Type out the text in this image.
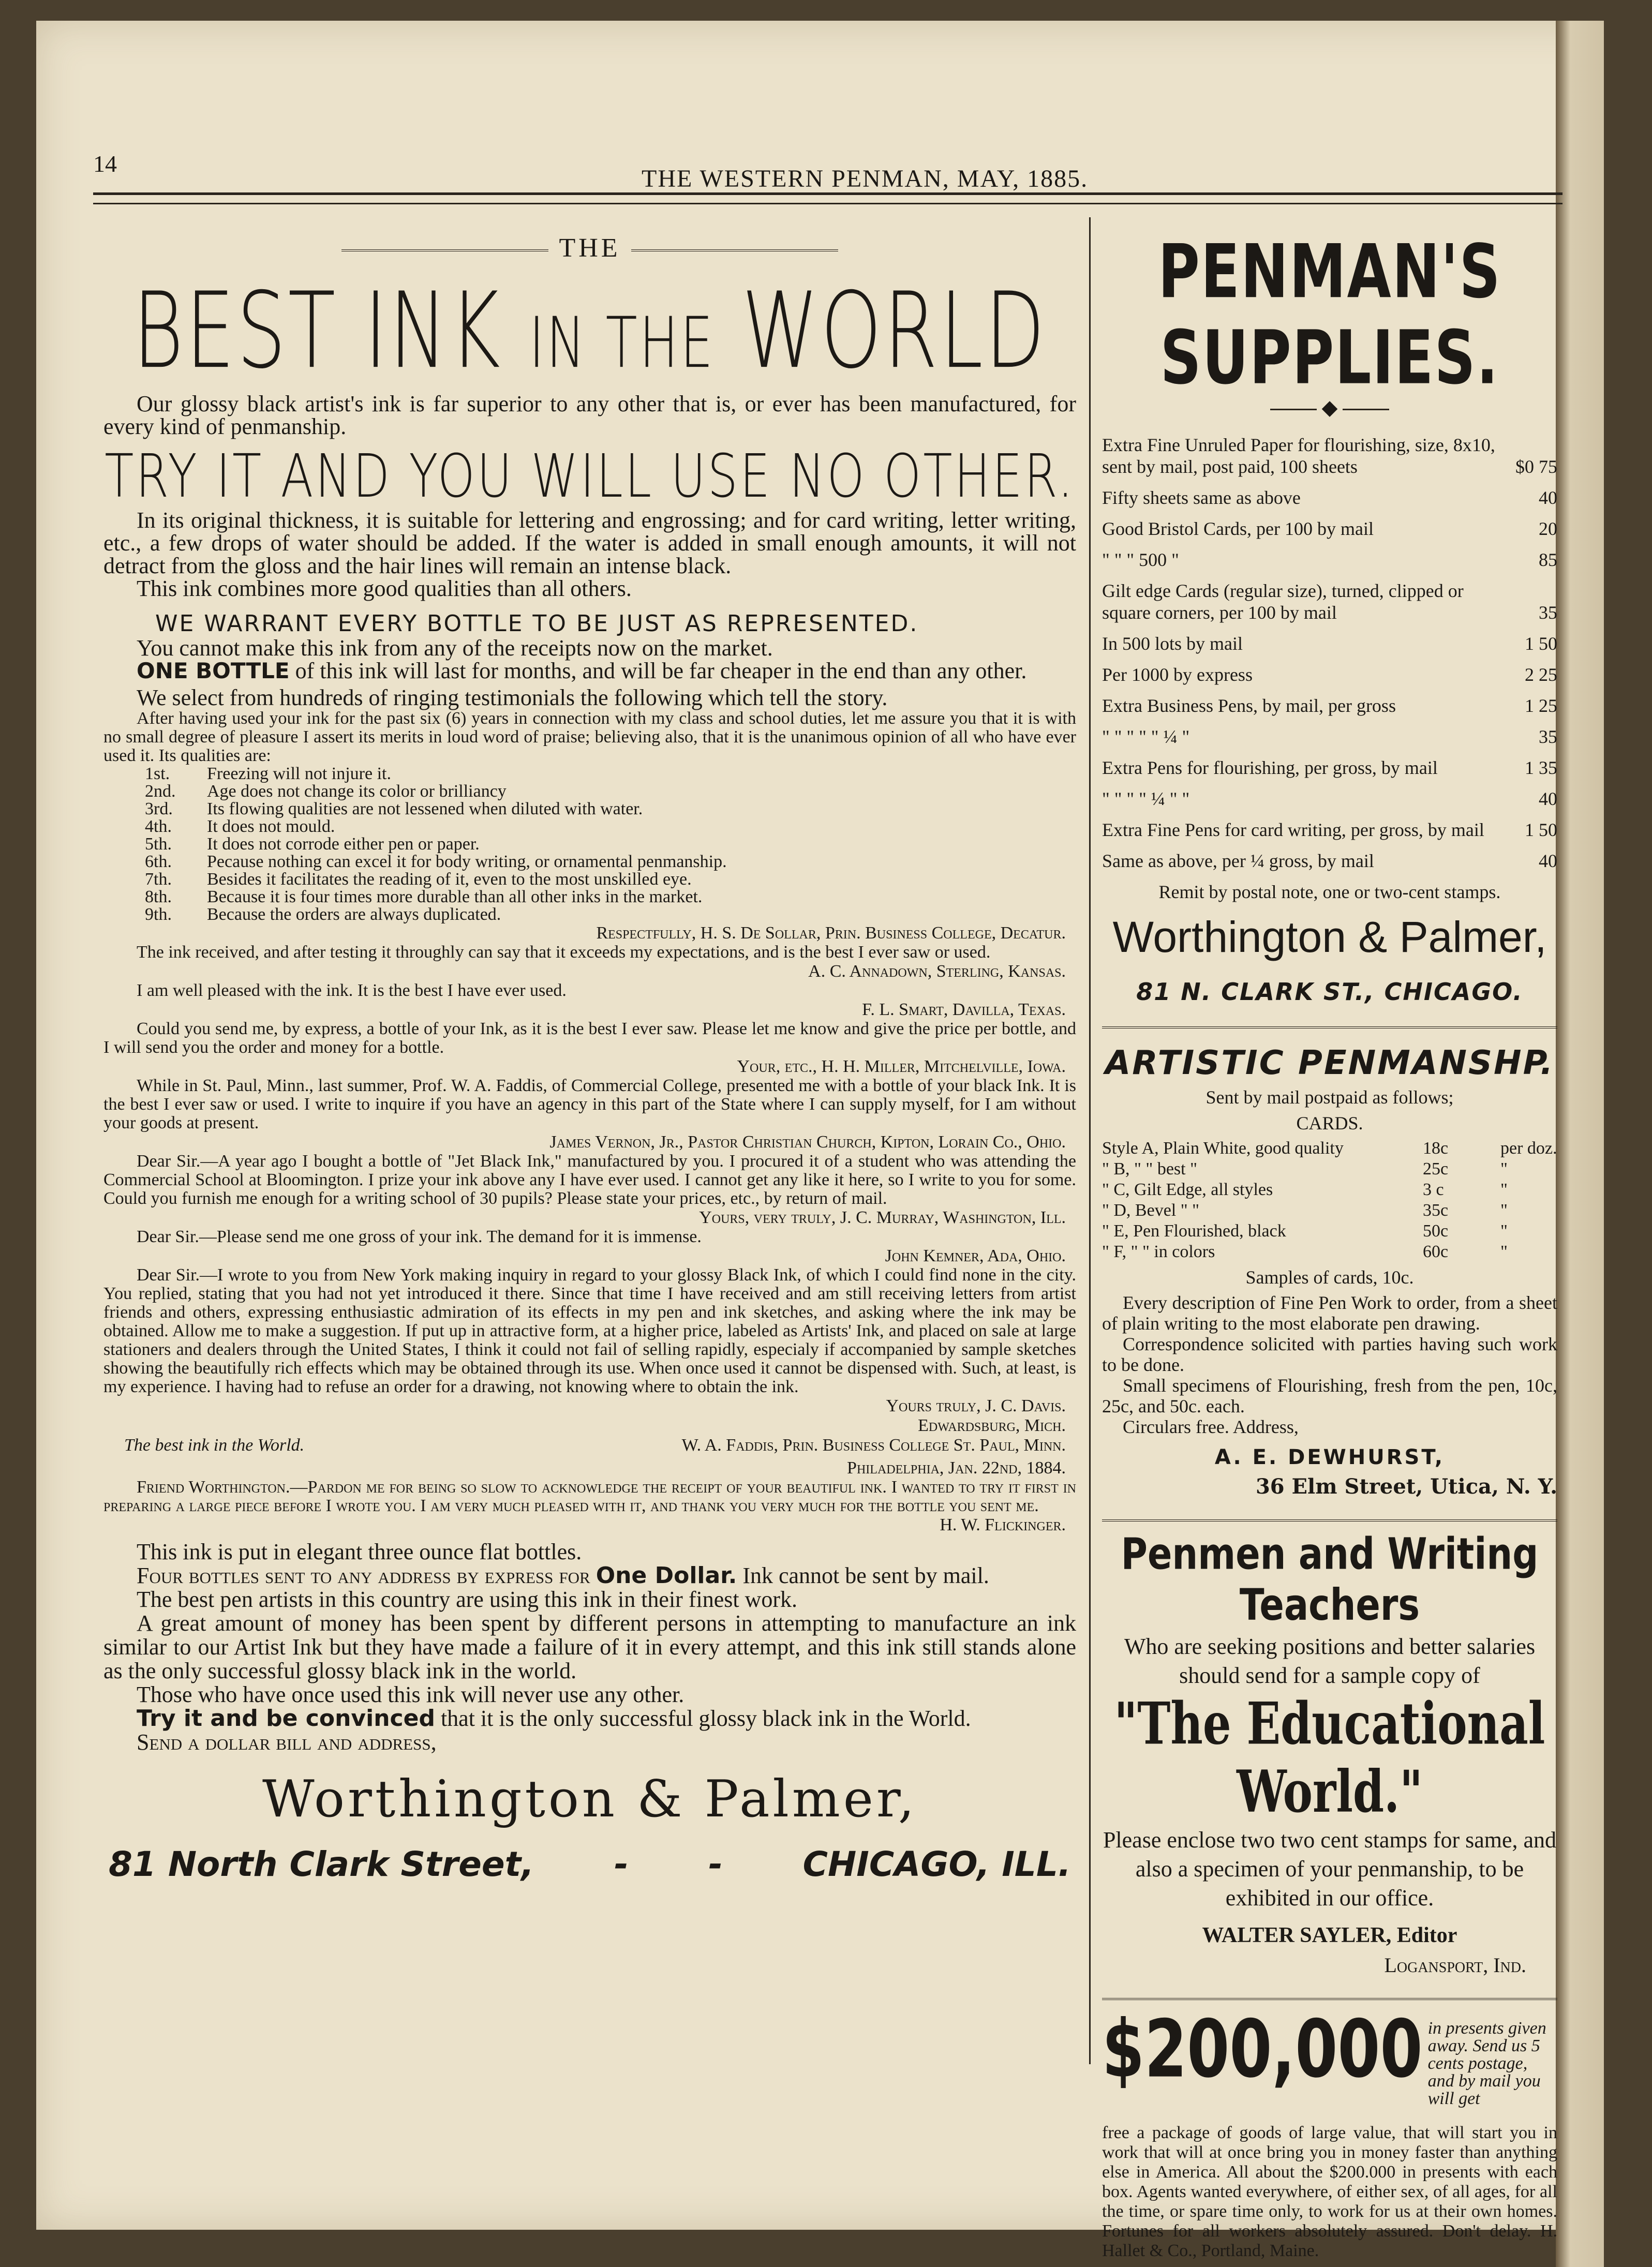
14
THE WESTERN PENMAN, MAY, 1885.
THE
BEST INK IN THE WORLD

Our glossy black artist's ink is far superior to any other that is, or ever has been manufactured, for every kind of penmanship.

TRY IT AND YOU WILL USE NO OTHER.

In its original thickness, it is suitable for lettering and engrossing; and for card writing, letter writing, etc., a few drops of water should be added. If the water is added in small enough amounts, it will not detract from the gloss and the hair lines will remain an intense black.

This ink combines more good qualities than all others.

WE WARRANT EVERY BOTTLE TO BE JUST AS REPRESENTED.

You cannot make this ink from any of the receipts now on the market.

ONE BOTTLE of this ink will last for months, and will be far cheaper in the end than any other.

We select from hundreds of ringing testimonials the following which tell the story.

After having used your ink for the past six (6) years in connection with my class and school duties, let me assure you that it is with no small degree of pleasure I assert its merits in loud word of praise; believing also, that it is the unanimous opinion of all who have ever used it. Its qualities are:

1st. Freezing will not injure it.

2nd. Age does not change its color or brilliancy

3rd. Its flowing qualities are not lessened when diluted with water.

4th. It does not mould.

5th. It does not corrode either pen or paper.

6th. Pecause nothing can excel it for body writing, or ornamental penmanship.

7th. Besides it facilitates the reading of it, even to the most unskilled eye.

8th. Because it is four times more durable than all other inks in the market.

9th. Because the orders are always duplicated.

Respectfully, H. S. De Sollar, Prin. Business College, Decatur.

The ink received, and after testing it throughly can say that it exceeds my expectations, and is the best I ever saw or used.

A. C. Annadown, Sterling, Kansas.

I am well pleased with the ink. It is the best I have ever used.

F. L. Smart, Davilla, Texas.

Could you send me, by express, a bottle of your Ink, as it is the best I ever saw. Please let me know and give the price per bottle, and I will send you the order and money for a bottle.

Your, etc., H. H. Miller, Mitchelville, Iowa.

While in St. Paul, Minn., last summer, Prof. W. A. Faddis, of Commercial College, presented me with a bottle of your black Ink. It is the best I ever saw or used. I write to inquire if you have an agency in this part of the State where I can supply myself, for I am without your goods at present.

James Vernon, Jr., Pastor Christian Church, Kipton, Lorain Co., Ohio.

Dear Sir.—A year ago I bought a bottle of "Jet Black Ink," manufactured by you. I procured it of a student who was attending the Commercial School at Bloomington. I prize your ink above any I have ever used. I cannot get any like it here, so I write to you for some. Could you furnish me enough for a writing school of 30 pupils? Please state your prices, etc., by return of mail.

Yours, very truly, J. C. Murray, Washington, Ill.

Dear Sir.—Please send me one gross of your ink. The demand for it is immense.

John Kemner, Ada, Ohio.

Dear Sir.—I wrote to you from New York making inquiry in regard to your glossy Black Ink, of which I could find none in the city. You replied, stating that you had not yet introduced it there. Since that time I have received and am still receiving letters from artist friends and others, expressing enthusiastic admiration of its effects in my pen and ink sketches, and asking where the ink may be obtained. Allow me to make a suggestion. If put up in attractive form, at a higher price, labeled as Artists' Ink, and placed on sale at large stationers and dealers through the United States, I think it could not fail of selling rapidly, especialy if accompanied by sample sketches showing the beautifully rich effects which may be obtained through its use. When once used it cannot be dispensed with. Such, at least, is my experience. I having had to refuse an order for a drawing, not knowing where to obtain the ink.

Yours truly, J. C. Davis.

Edwardsburg, Mich.

The best ink in the World.	W. A. Faddis, Prin. Business College St. Paul, Minn.

Philadelphia, Jan. 22nd, 1884.

Friend Worthington.—Pardon me for being so slow to acknowledge the receipt of your beautiful ink. I wanted to try it first in preparing a large piece before I wrote you. I am very much pleased with it, and thank you very much for the bottle you sent me.

H. W. Flickinger.

This ink is put in elegant three ounce flat bottles.

Four bottles sent to any address by express for One Dollar. Ink cannot be sent by mail.

The best pen artists in this country are using this ink in their finest work.

A great amount of money has been spent by different persons in attempting to manufacture an ink similar to our Artist Ink but they have made a failure of it in every attempt, and this ink still stands alone as the only successful glossy black ink in the world.

Those who have once used this ink will never use any other.

Try it and be convinced that it is the only successful glossy black ink in the World.

Send a dollar bill and address,

Worthington & Palmer,
81 North Clark Street, - - CHICAGO, ILL.
PENMAN'S SUPPLIES.
◆

Extra Fine Unruled Paper for flourishing, size, 8x10, sent by mail, post paid, 100 sheets	$0 75

Fifty sheets same as above	40

Good Bristol Cards, per 100 by mail	20

" " " 500 "	85

Gilt edge Cards (regular size), turned, clipped or square corners, per 100 by mail	35

In 500 lots by mail	1 50

Per 1000 by express	2 25

Extra Business Pens, by mail, per gross	1 25

" " " " " ¼ "	35

Extra Pens for flourishing, per gross, by mail	1 35

" " " " ¼ " "	40

Extra Fine Pens for card writing, per gross, by mail	1 50

Same as above, per ¼ gross, by mail	40

Remit by postal note, one or two-cent stamps.
Worthington & Palmer,
81 N. CLARK ST., CHICAGO.
ARTISTIC PENMANSHP.
Sent by mail postpaid as follows;
CARDS.

Style A, Plain White, good quality	18c	per doz.

" B, " " best "	25c	"

" C, Gilt Edge, all styles	3 c	"

" D, Bevel " "	35c	"

" E, Pen Flourished, black	50c	"

" F, " " in colors	60c	"

Samples of cards, 10c.

Every description of Fine Pen Work to order, from a sheet of plain writing to the most elaborate pen drawing.

Correspondence solicited with parties having such work to be done.

Small specimens of Flourishing, fresh from the pen, 10c, 25c, and 50c. each.

Circulars free. Address,

A. E. DEWHURST,
36 Elm Street, Utica, N. Y.
Penmen and Writing Teachers

Who are seeking positions and better salaries should send for a sample copy of

"The Educational World."

Please enclose two two cent stamps for same, and also a specimen of your penmanship, to be exhibited in our office.

WALTER SAYLER, Editor
Logansport, Ind.
$200,000 in presents given away. Send us 5 cents postage, and by mail you will get

free a package of goods of large value, that will start you in work that will at once bring you in money faster than anything else in America. All about the $200.000 in presents with each box. Agents wanted everywhere, of either sex, of all ages, for all the time, or spare time only, to work for us at their own homes. Fortunes for all workers absolutely assured. Don't delay. H. Hallet & Co., Portland, Maine.
